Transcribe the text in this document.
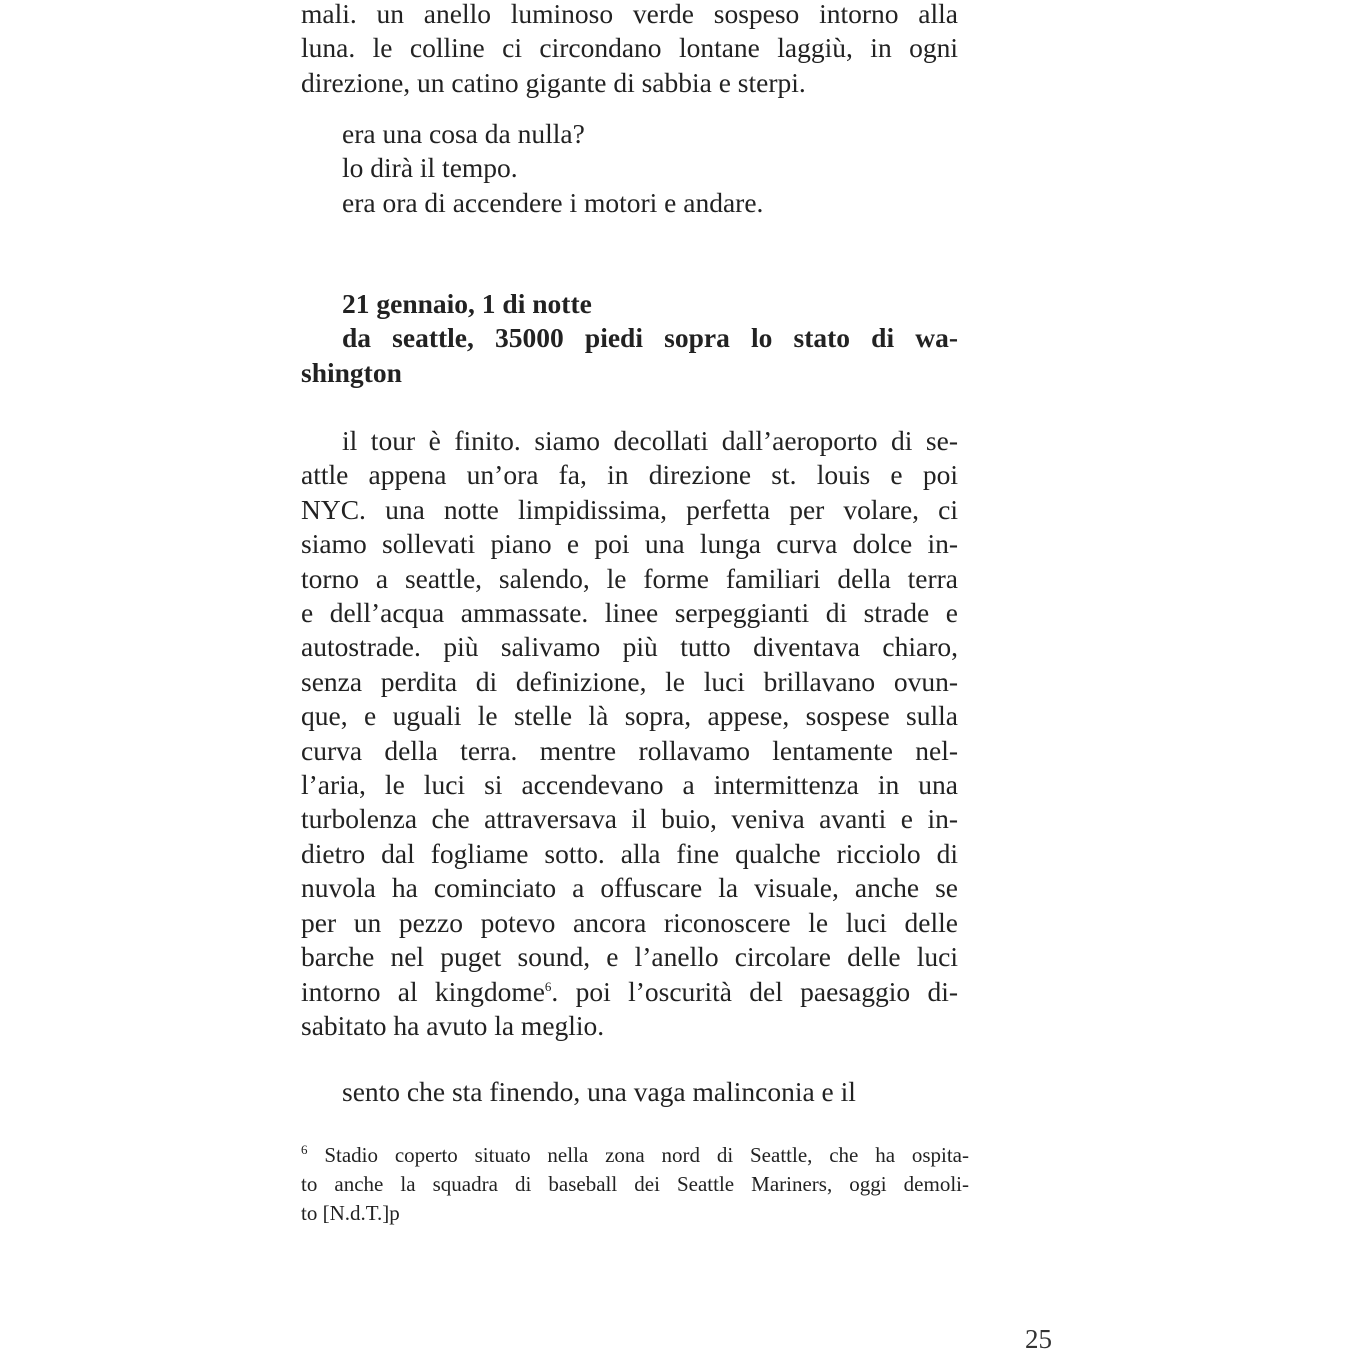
mali. un anello luminoso verde sospeso intorno alla
luna. le colline ci circondano lontane laggiù, in ogni
direzione, un catino gigante di sabbia e sterpi.
era una cosa da nulla?
lo dirà il tempo.
era ora di accendere i motori e andare.
21 gennaio, 1 di notte
da seattle, 35000 piedi sopra lo stato di wa-
shington
il tour è finito. siamo decollati dall’aeroporto di se-
attle appena un’ora fa, in direzione st. louis e poi
NYC. una notte limpidissima, perfetta per volare, ci
siamo sollevati piano e poi una lunga curva dolce in-
torno a seattle, salendo, le forme familiari della terra
e dell’acqua ammassate. linee serpeggianti di strade e
autostrade. più salivamo più tutto diventava chiaro,
senza perdita di definizione, le luci brillavano ovun-
que, e uguali le stelle là sopra, appese, sospese sulla
curva della terra. mentre rollavamo lentamente nel-
l’aria, le luci si accendevano a intermittenza in una
turbolenza che attraversava il buio, veniva avanti e in-
dietro dal fogliame sotto. alla fine qualche ricciolo di
nuvola ha cominciato a offuscare la visuale, anche se
per un pezzo potevo ancora riconoscere le luci delle
barche nel puget sound, e l’anello circolare delle luci
intorno al kingdome$^6$. poi l’oscurità del paesaggio di-
sabitato ha avuto la meglio.
sento che sta finendo, una vaga malinconia e il
$^6$ Stadio coperto situato nella zona nord di Seattle, che ha ospita-
to anche la squadra di baseball dei Seattle Mariners, oggi demoli-
to [N.d.T.]p
25
